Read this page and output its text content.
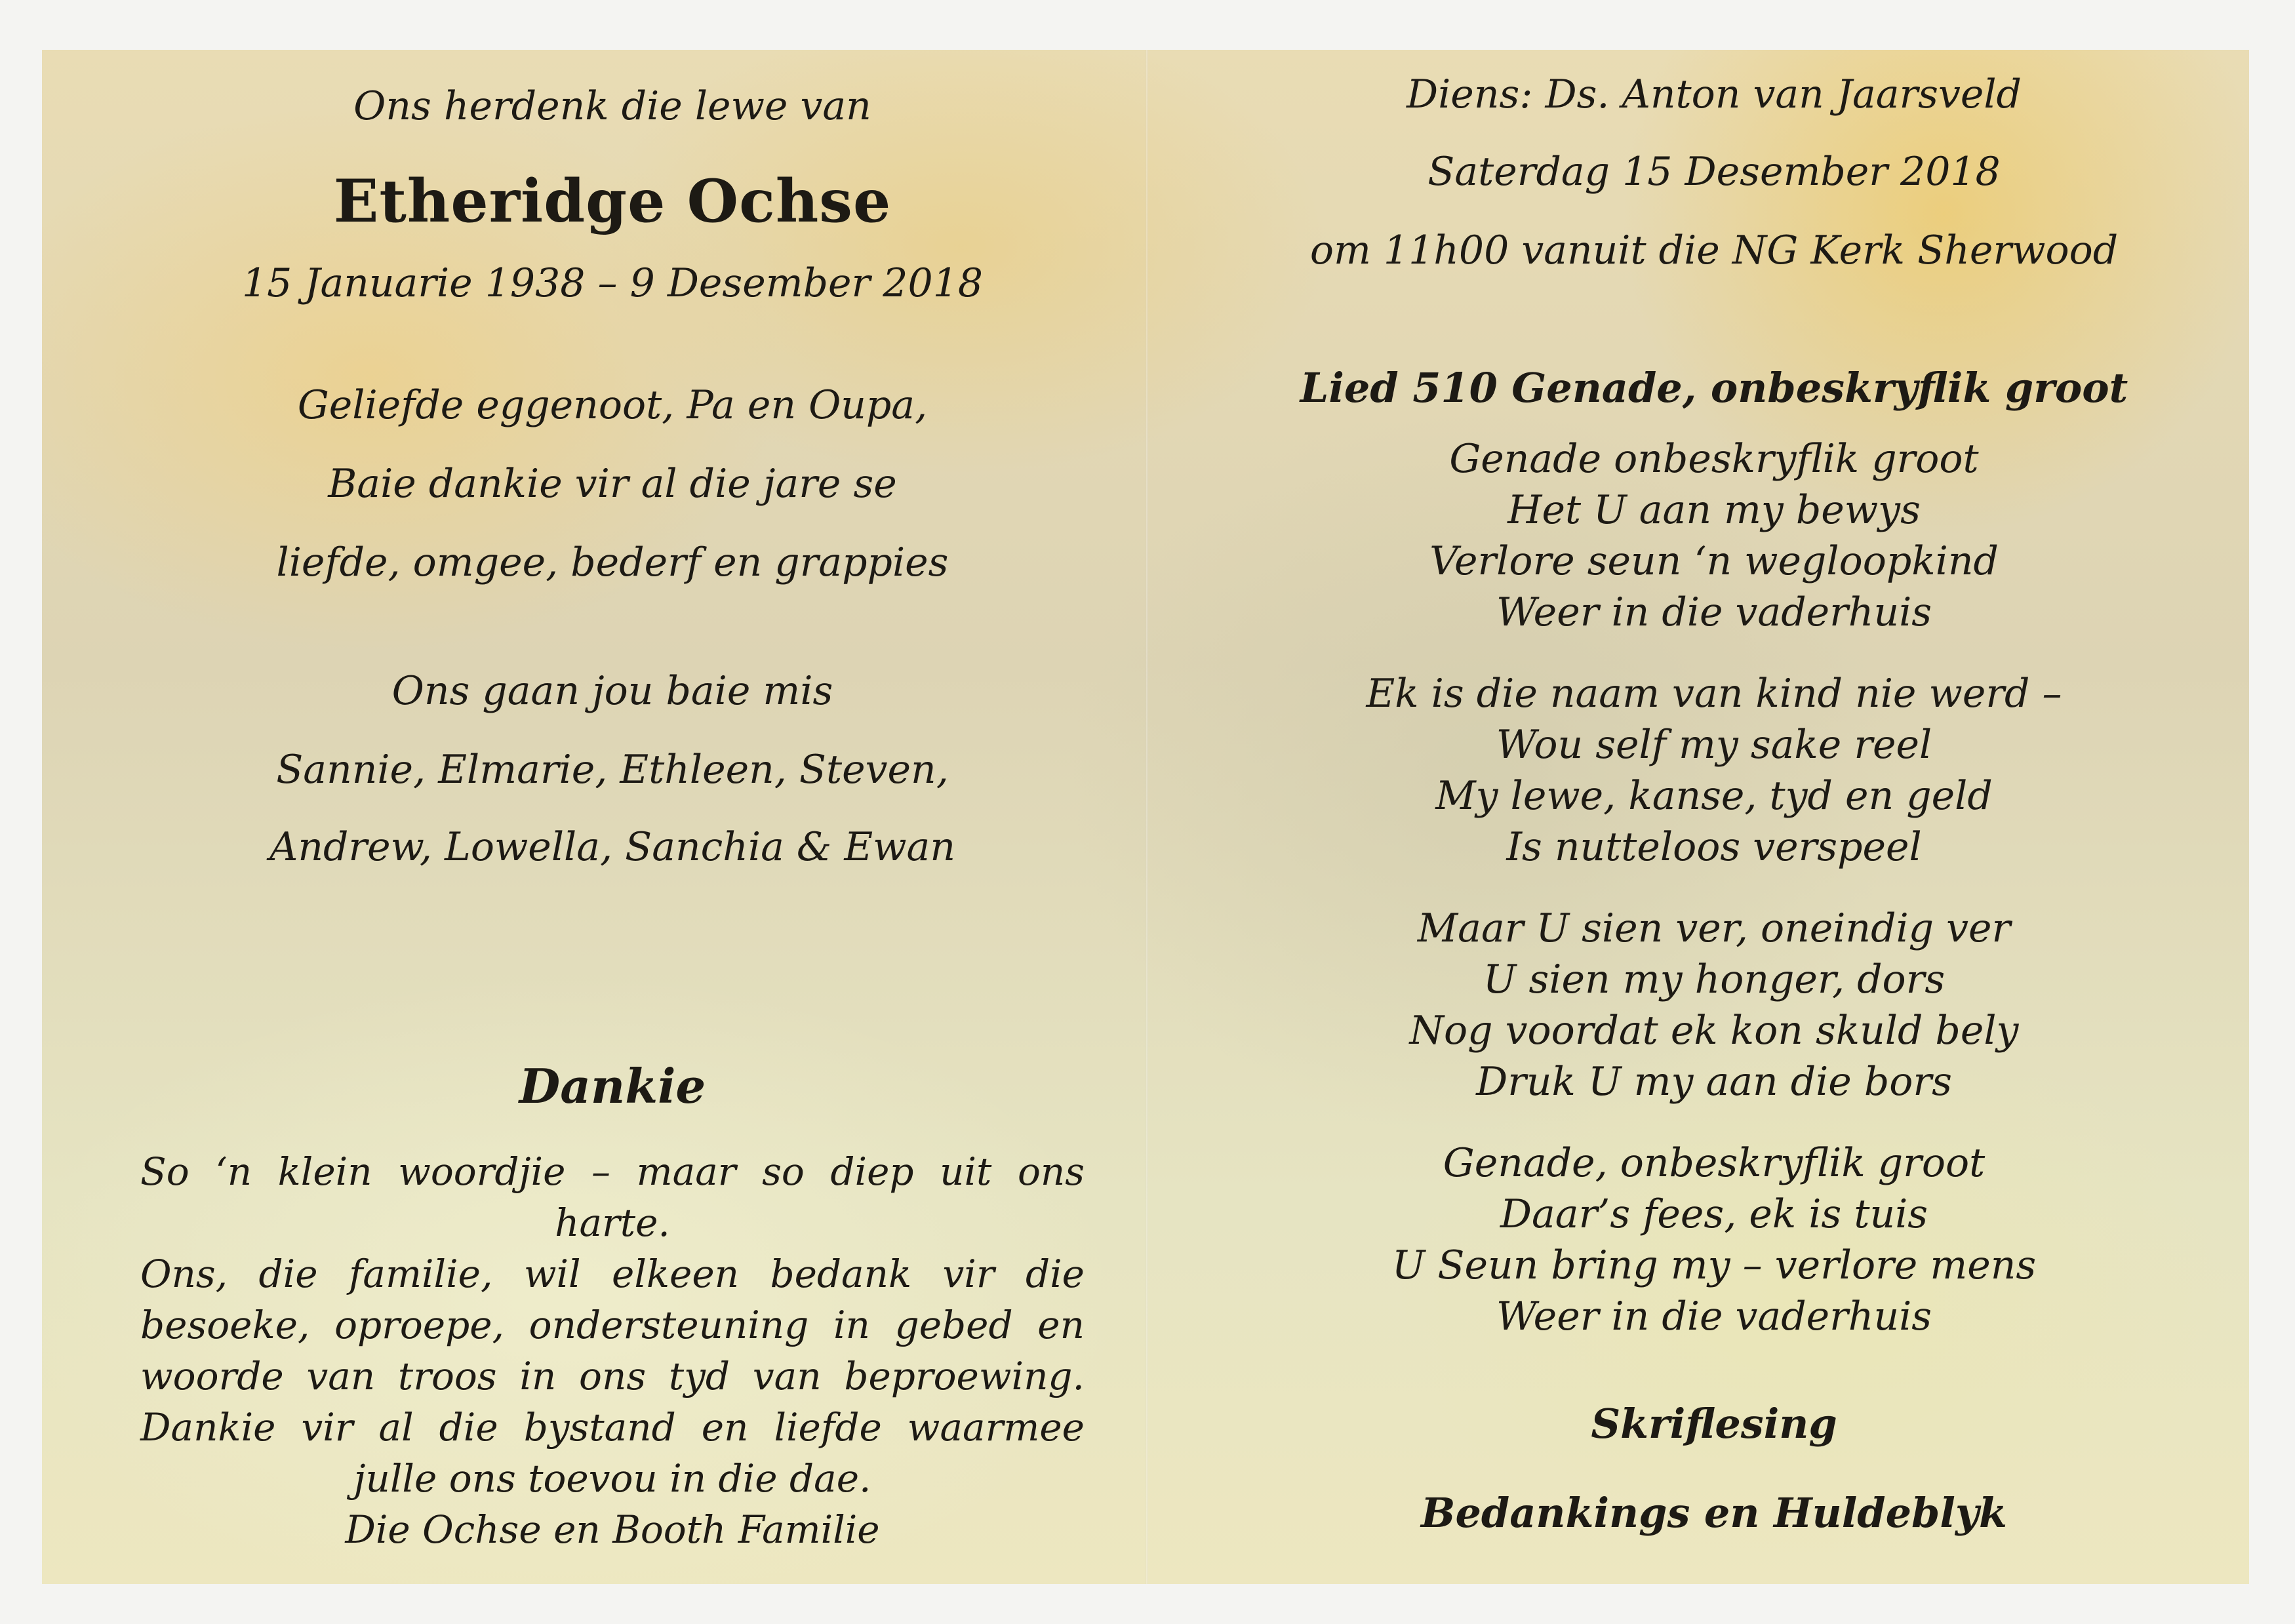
Ons herdenk die lewe van

Etheridge Ochse

15 Januarie 1938 – 9 Desember 2018

Geliefde eggenoot, Pa en Oupa,

Baie dankie vir al die jare se

liefde, omgee, bederf en grappies

Ons gaan jou baie mis

Sannie, Elmarie, Ethleen, Steven,

Andrew, Lowella, Sanchia & Ewan

Dankie

So ‘n klein woordjie – maar so diep uit ons
harte.
Ons, die familie, wil elkeen bedank vir die
besoeke, oproepe, ondersteuning in gebed en
woorde van troos in ons tyd van beproewing.
Dankie vir al die bystand en liefde waarmee
julle ons toevou in die dae.
Die Ochse en Booth Familie

Diens: Ds. Anton van Jaarsveld

Saterdag 15 Desember 2018

om 11h00 vanuit die NG Kerk Sherwood

Lied 510 Genade, onbeskryflik groot

Genade onbeskryflik groot

Het U aan my bewys

Verlore seun ‘n wegloopkind

Weer in die vaderhuis

Ek is die naam van kind nie werd –

Wou self my sake reel

My lewe, kanse, tyd en geld

Is nutteloos verspeel

Maar U sien ver, oneindig ver

U sien my honger, dors

Nog voordat ek kon skuld bely

Druk U my aan die bors

Genade, onbeskryflik groot

Daar’s fees, ek is tuis

U Seun bring my – verlore mens

Weer in die vaderhuis

Skriflesing

Bedankings en Huldeblyk
